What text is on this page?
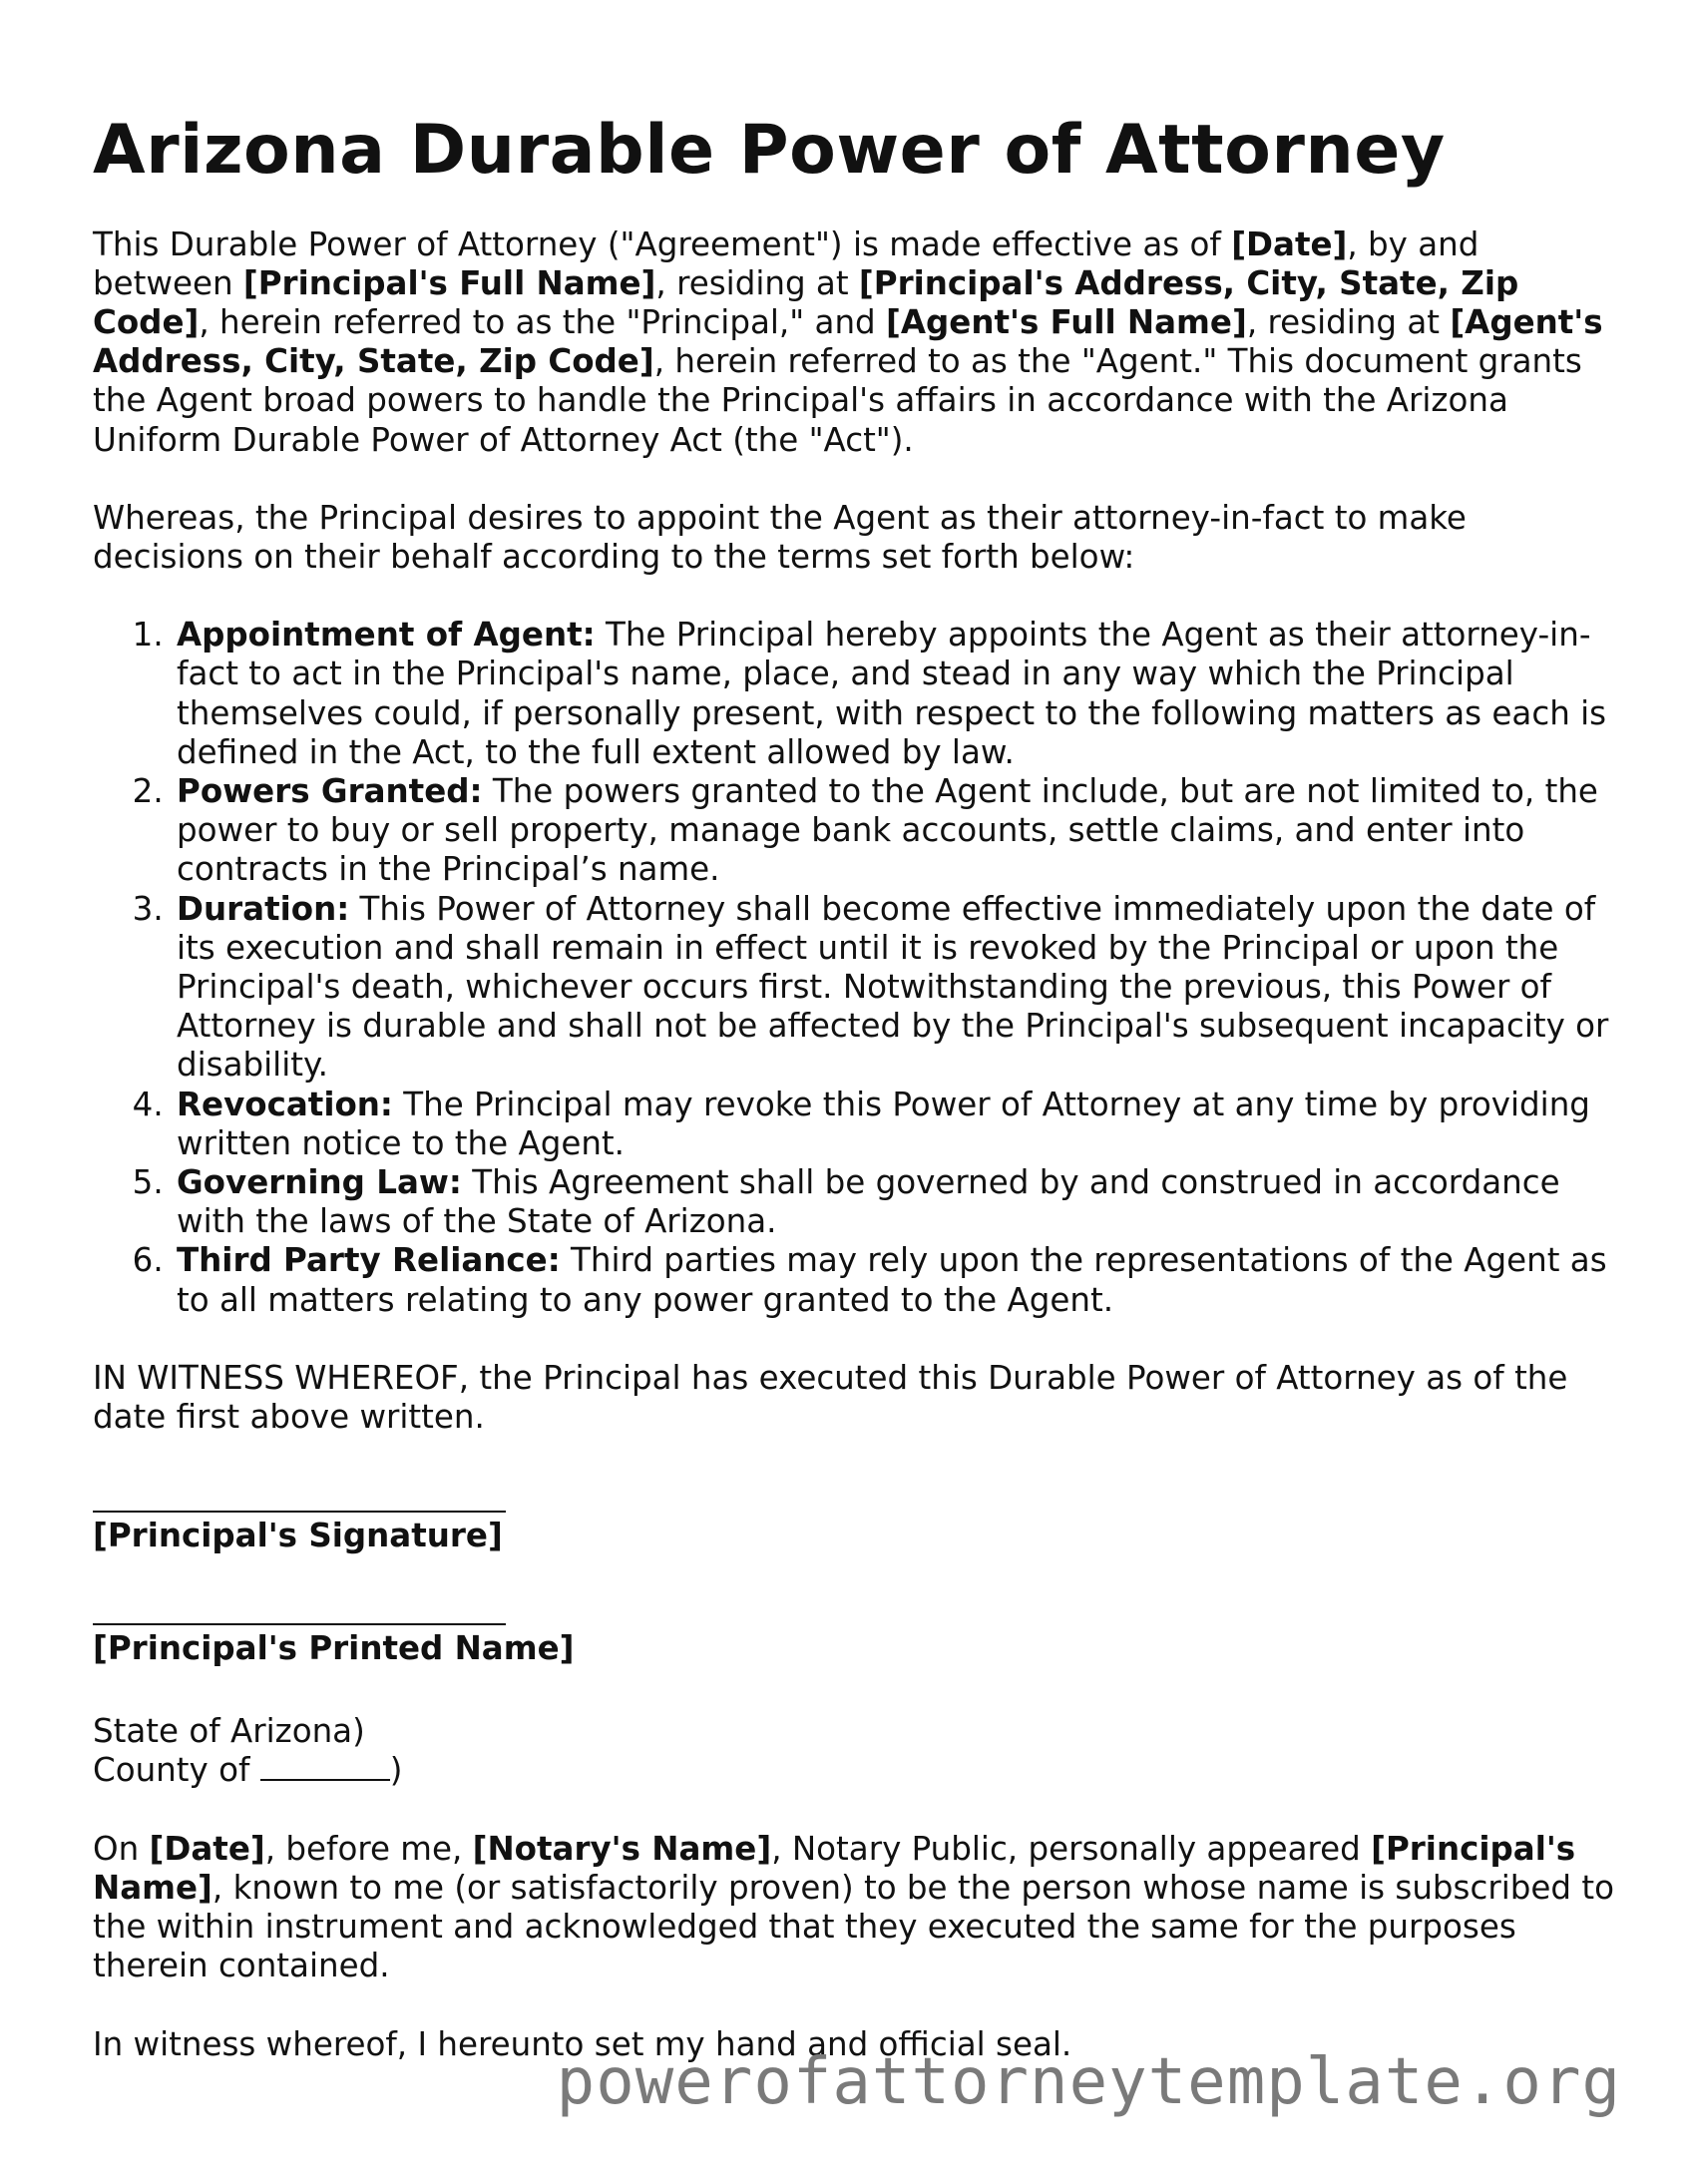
Arizona Durable Power of Attorney

This Durable Power of Attorney ("Agreement") is made effective as of [Date], by and between [Principal's Full Name], residing at [Principal's Address, City, State, Zip Code], herein referred to as the "Principal," and [Agent's Full Name], residing at [Agent's Address, City, State, Zip Code], herein referred to as the "Agent." This document grants the Agent broad powers to handle the Principal's affairs in accordance with the Arizona Uniform Durable Power of Attorney Act (the "Act").

Whereas, the Principal desires to appoint the Agent as their attorney-in-fact to make decisions on their behalf according to the terms set forth below:

1. Appointment of Agent: The Principal hereby appoints the Agent as their attorney-in-fact to act in the Principal's name, place, and stead in any way which the Principal themselves could, if personally present, with respect to the following matters as each is defined in the Act, to the full extent allowed by law.
2. Powers Granted: The powers granted to the Agent include, but are not limited to, the power to buy or sell property, manage bank accounts, settle claims, and enter into contracts in the Principal’s name.
3. Duration: This Power of Attorney shall become effective immediately upon the date of its execution and shall remain in effect until it is revoked by the Principal or upon the Principal's death, whichever occurs first. Notwithstanding the previous, this Power of Attorney is durable and shall not be affected by the Principal's subsequent incapacity or disability.
4. Revocation: The Principal may revoke this Power of Attorney at any time by providing written notice to the Agent.
5. Governing Law: This Agreement shall be governed by and construed in accordance with the laws of the State of Arizona.
6. Third Party Reliance: Third parties may rely upon the representations of the Agent as to all matters relating to any power granted to the Agent.

IN WITNESS WHEREOF, the Principal has executed this Durable Power of Attorney as of the date first above written.

[Principal's Signature]
[Principal's Printed Name]
State of Arizona)
County of	)

On [Date], before me, [Notary's Name], Notary Public, personally appeared [Principal's Name], known to me (or satisfactorily proven) to be the person whose name is subscribed to the within instrument and acknowledged that they executed the same for the purposes therein contained.

In witness whereof, I hereunto set my hand and official seal.

powerofattorneytemplate.org
